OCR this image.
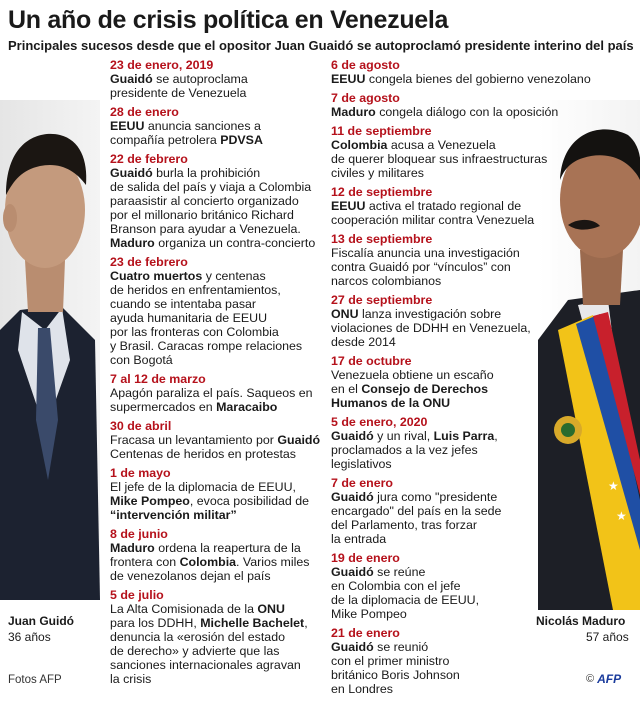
Un año de crisis política en Venezuela
Principales sucesos desde que el opositor Juan Guaidó se autoproclamó presidente interino del país
★
★
23 de enero, 2019
Guaidó se autoproclama
presidente de Venezuela
28 de enero
EEUU anuncia sanciones a
compañía petrolera PDVSA
22 de febrero
Guaidó burla la prohibición
de salida del país y viaja a Colombia
paraasistir al concierto organizado
por el millonario británico Richard
Branson para ayudar a Venezuela.
Maduro organiza un contra-concierto
23 de febrero
Cuatro muertos y centenas
de heridos en enfrentamientos,
cuando se intentaba pasar
ayuda humanitaria de EEUU
por las fronteras con Colombia
y Brasil. Caracas rompe relaciones
con Bogotá
7 al 12 de marzo
Apagón paraliza el país. Saqueos en
supermercados en Maracaibo
30 de abril
Fracasa un levantamiento por Guaidó
Centenas de heridos en protestas
1 de mayo
El jefe de la diplomacia de EEUU,
Mike Pompeo, evoca posibilidad de
“intervención militar”
8 de junio
Maduro ordena la reapertura de la
frontera con Colombia. Varios miles
de venezolanos dejan el país
5 de julio
La Alta Comisionada de la ONU
para los DDHH, Michelle Bachelet,
denuncia la «erosión del estado
de derecho» y advierte que las
sanciones internacionales agravan
la crisis
6 de agosto
EEUU congela bienes del gobierno venezolano
7 de agosto
Maduro congela diálogo con la oposición
11 de septiembre
Colombia acusa a Venezuela
de querer bloquear sus infraestructuras
civiles y militares
12 de septiembre
EEUU activa el tratado regional de
cooperación militar contra Venezuela
13 de septiembre
Fiscalía anuncia una investigación
contra Guaidó por “vínculos” con
narcos colombianos
27 de septiembre
ONU lanza investigación sobre
violaciones de DDHH en Venezuela,
desde 2014
17 de octubre
Venezuela obtiene un escaño
en el Consejo de Derechos
Humanos de la ONU
5 de enero, 2020
Guaidó y un rival, Luis Parra,
proclamados a la vez jefes
legislativos
7 de enero
Guaidó jura como "presidente
encargado" del país en la sede
del Parlamento, tras forzar
la entrada
19 de enero
Guaidó se reúne
en Colombia con el jefe
de la diplomacia de EEUU,
Mike Pompeo
21 de enero
Guaidó se reunió
con el primer ministro
británico Boris Johnson
en Londres
Juan Guidó
36 años
Nicolás Maduro
57 años
Fotos AFP	© AFP
